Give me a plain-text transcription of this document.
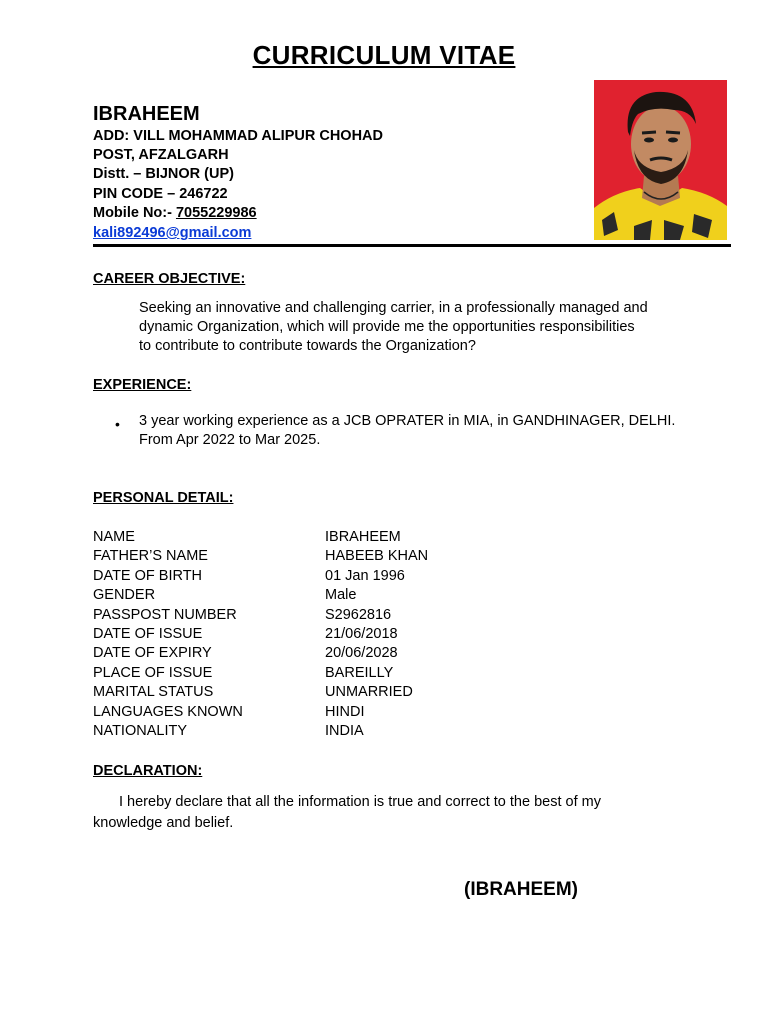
CURRICULUM VITAE
IBRAHEEM
ADD: VILL MOHAMMAD ALIPUR CHOHAD
POST, AFZALGARH
Distt. – BIJNOR (UP)
PIN CODE – 246722
Mobile No:- 7055229986
kali892496@gmail.com
CAREER OBJECTIVE:
Seeking an innovative and challenging carrier, in a professionally managed and
dynamic Organization, which will provide me the opportunities responsibilities
to contribute to contribute towards the Organization?
EXPERIENCE:
• 3 year working experience as a JCB OPRATER in MIA, in GANDHINAGER, DELHI.
From Apr 2022 to Mar 2025.
PERSONAL DETAIL:
NAME	IBRAHEEM
FATHER’S NAME	HABEEB KHAN
DATE OF BIRTH	01 Jan 1996
GENDER	Male
PASSPOST NUMBER	S2962816
DATE OF ISSUE	21/06/2018
DATE OF EXPIRY	20/06/2028
PLACE OF ISSUE	BAREILLY
MARITAL STATUS	UNMARRIED
LANGUAGES KNOWN	HINDI
NATIONALITY	INDIA
DECLARATION:
I hereby declare that all the information is true and correct to the best of my knowledge and belief.
(IBRAHEEM)
